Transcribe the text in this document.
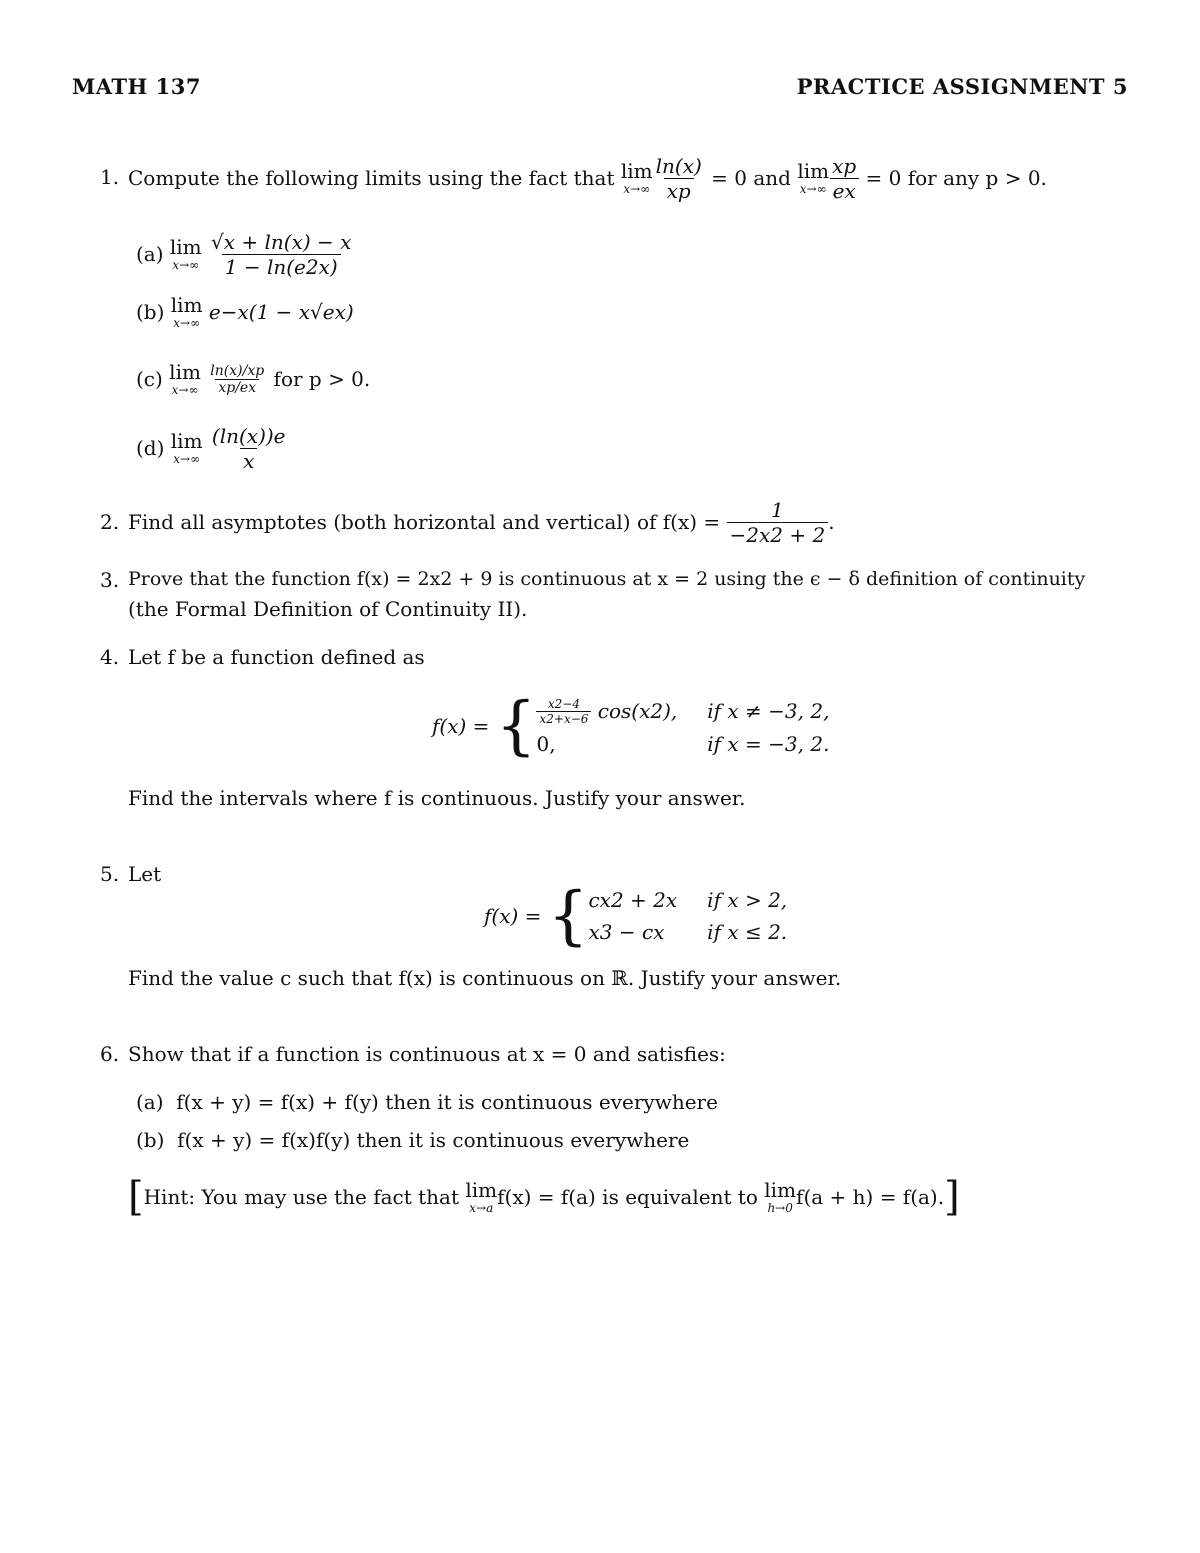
MATH 137	PRACTICE ASSIGNMENT 5
1. Compute the following limits using the fact that
lim
$x\to\infty \frac{\ln(x)}{xp}$
= 0 and
lim
$x\to\infty \frac{xp}{ex}$
= 0 for any p > 0.
(a)
lim
x→∞
$\frac{√x + \ln(x) - x}{1 - \ln(e2x)}$
(b)
lim
x→∞
e−x(1 − x√ex)
(c)
lim
x→∞
$\frac{\ln(x)/xp}{xp/ex}$
for p > 0.
(d)
lim
x→∞
$\frac{(\ln(x))e}{x}$
2. Find all asymptotes (both horizontal and vertical) of f(x) =
$\frac{1}{-2x2 + 2}$ .
3. Prove that the function f(x) = 2x2 + 9 is continuous at x = 2 using the ϵ − δ definition of continuity
(the Formal Definition of Continuity II).
4. Let f be a function defined as
f(x) =
{ $\frac{x2-4}{x2+x-6}$
cos(x2), if x ≠ −3, 2,
0,	if x = −3, 2.
Find the intervals where f is continuous. Justify your answer.
5. Let
f(x) =
{ cx2 + 2x if x > 2,
x3 − cx	if x ≤ 2.
Find the value c such that f(x) is continuous on ℝ. Justify your answer.
6. Show that if a function is continuous at x = 0 and satisfies:
(a) f(x + y) = f(x) + f(y) then it is continuous everywhere
(b) f(x + y) = f(x)f(y) then it is continuous everywhere
[ Hint: You may use the fact that
lim
x→a f(x) = f(a) is equivalent to
lim
h→0 f(a + h) = f(a). ]
